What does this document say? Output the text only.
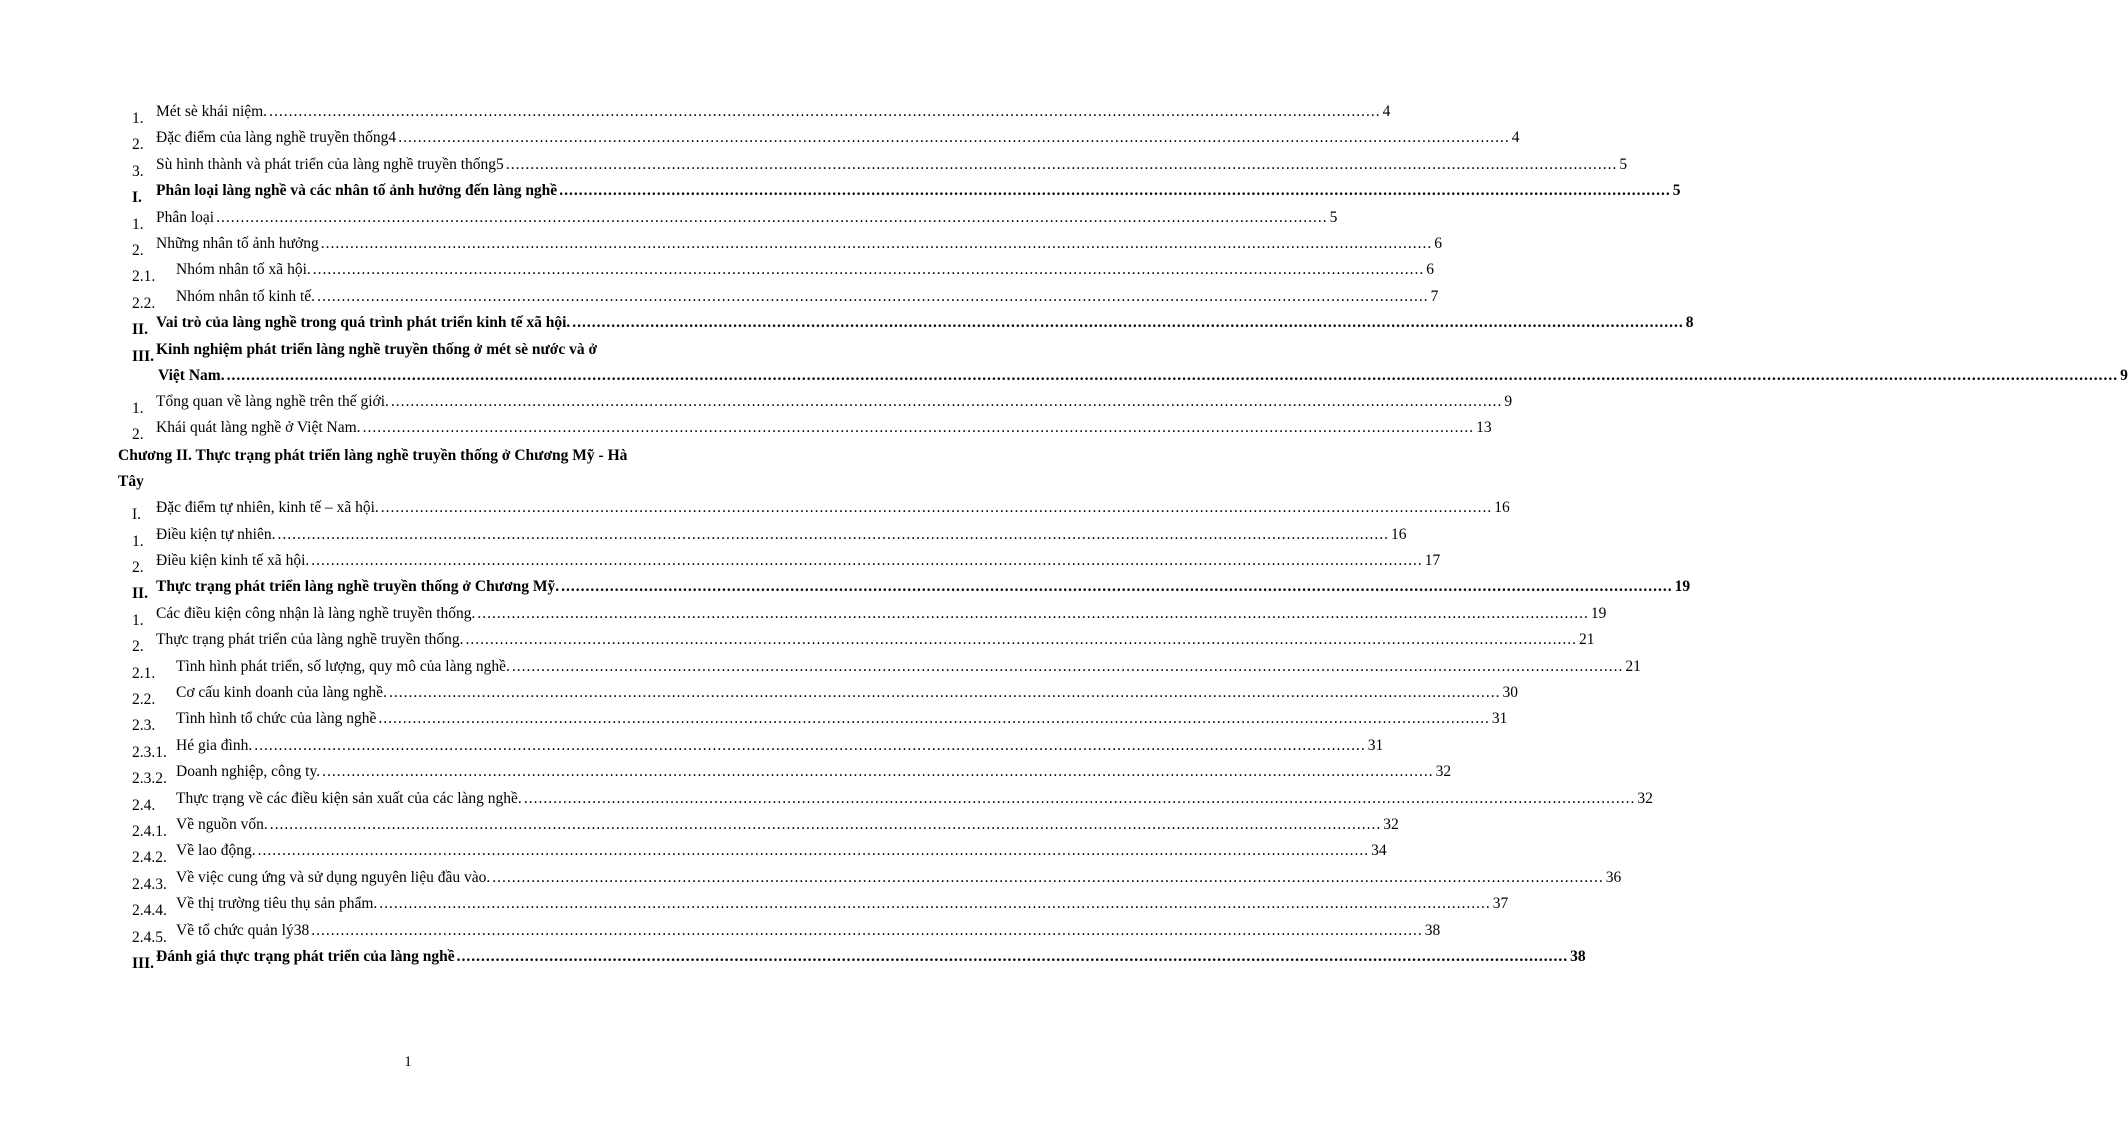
1. Mét sè khái niệm. .....	4
2. Đặc điểm của làng nghề truyền thống4 .....	4
3. Sù hình thành và phát triển của làng nghề truyền thống5 .....	5
I. Phân loại làng nghề và các nhân tố ảnh hưởng đến làng nghề .....	5
1. Phân loại .....	5
2. Những nhân tố ảnh hưởng .....	6
2.1. Nhóm nhân tố xã hội. .....	6
2.2. Nhóm nhân tố kinh tế. .....	7
II. Vai trò của làng nghề trong quá trình phát triển kinh tế xã hội. .....	8
III. Kinh nghiệm phát triển làng nghề truyền thống ở mét sè nước và ở
Việt Nam.	..... ................................................................................................................................................................ 9
1. Tổng quan về làng nghề trên thế giới. .....	9
2. Khái quát làng nghề ở Việt Nam. .....	13
Chương II. Thực trạng phát triển làng nghề truyền thống ở Chương Mỹ - Hà
Tây
I. Đặc điểm tự nhiên, kinh tế – xã hội. .....	16
1. Điều kiện tự nhiên. .....	16
2. Điều kiện kinh tế xã hội. .....	17
II. Thực trạng phát triển làng nghề truyền thống ở Chương Mỹ. .....	19
1. Các điều kiện công nhận là làng nghề truyền thống. .....	19
2. Thực trạng phát triển của làng nghề truyền thống. .....	21
2.1. Tình hình phát triển, số lượng, quy mô của làng nghề. .....	21
2.2. Cơ cấu kinh doanh của làng nghề. .....	30
2.3. Tình hình tổ chức của làng nghề .....	31
2.3.1. Hé gia đình. .....	31
2.3.2. Doanh nghiệp, công ty. .....	32
2.4. Thực trạng về các điều kiện sản xuất của các làng nghề. .....	32
2.4.1. Về nguồn vốn. .....	32
2.4.2. Về lao động. .....	34
2.4.3. Về việc cung ứng và sử dụng nguyên liệu đầu vào. .....	36
2.4.4. Về thị trường tiêu thụ sản phẩm. .....	37
2.4.5. Về tổ chức quản lý38 .....	38
III. Đánh giá thực trạng phát triển của làng nghề .....	38
1
